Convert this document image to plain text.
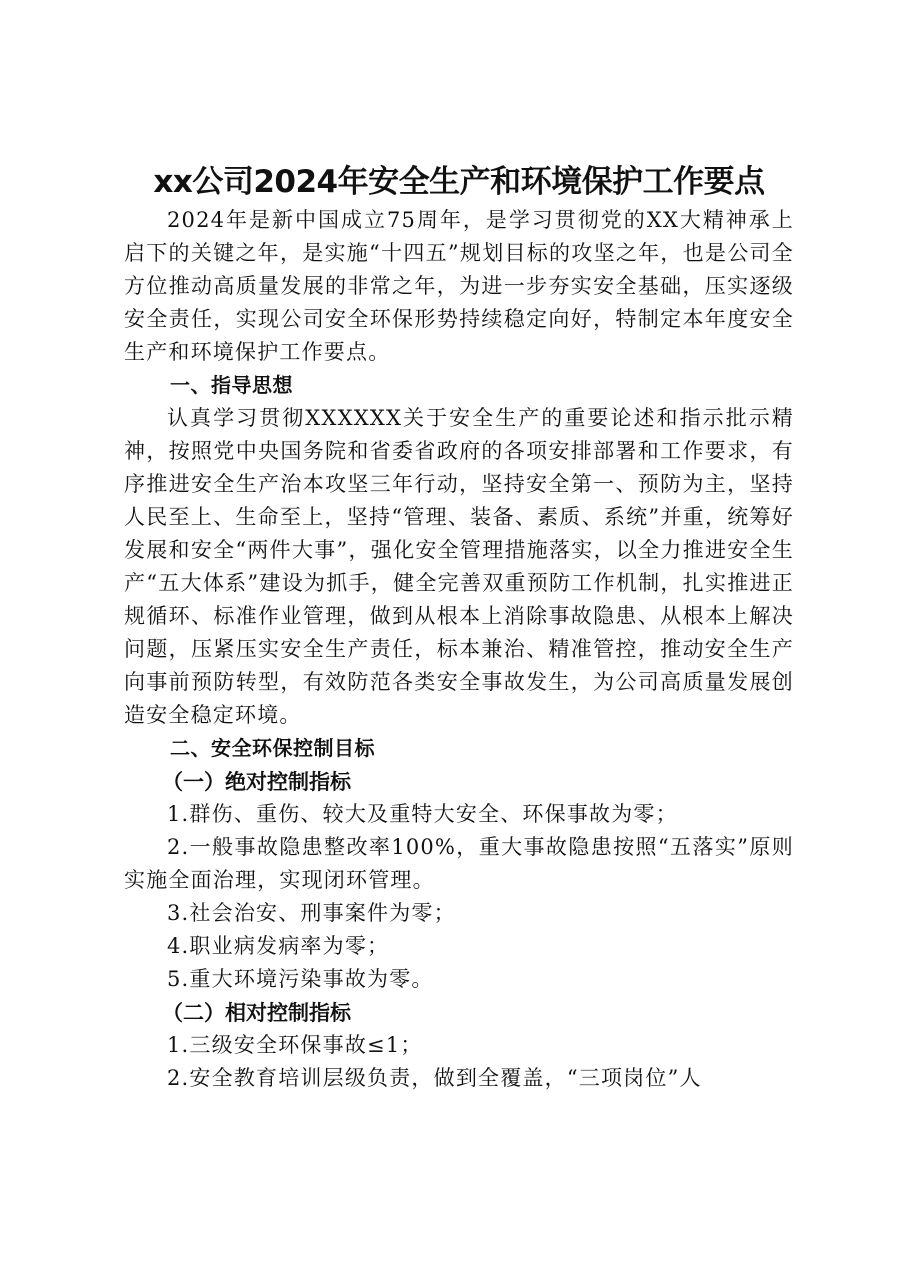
xx公司2024年安全生产和环境保护工作要点

2024年是新中国成立75周年，是学习贯彻党的XX大精神承上启下的关键之年，是实施“十四五”规划目标的攻坚之年，也是公司全方位推动高质量发展的非常之年，为进一步夯实安全基础，压实逐级安全责任，实现公司安全环保形势持续稳定向好，特制定本年度安全生产和环境保护工作要点。

一、指导思想

认真学习贯彻XXXXXX关于安全生产的重要论述和指示批示精神，按照党中央国务院和省委省政府的各项安排部署和工作要求，有序推进安全生产治本攻坚三年行动，坚持安全第一、预防为主，坚持人民至上、生命至上，坚持“管理、装备、素质、系统”并重，统筹好发展和安全“两件大事”，强化安全管理措施落实，以全力推进安全生产“五大体系”建设为抓手，健全完善双重预防工作机制，扎实推进正规循环、标准作业管理，做到从根本上消除事故隐患、从根本上解决问题，压紧压实安全生产责任，标本兼治、精准管控，推动安全生产向事前预防转型，有效防范各类安全事故发生，为公司高质量发展创造安全稳定环境。

二、安全环保控制目标
（一）绝对控制指标

1.群伤、重伤、较大及重特大安全、环保事故为零；

2.一般事故隐患整改率100%，重大事故隐患按照“五落实”原则实施全面治理，实现闭环管理。

3.社会治安、刑事案件为零；

4.职业病发病率为零；

5.重大环境污染事故为零。

（二）相对控制指标

1.三级安全环保事故≤1；

2.安全教育培训层级负责，做到全覆盖，“三项岗位”人
